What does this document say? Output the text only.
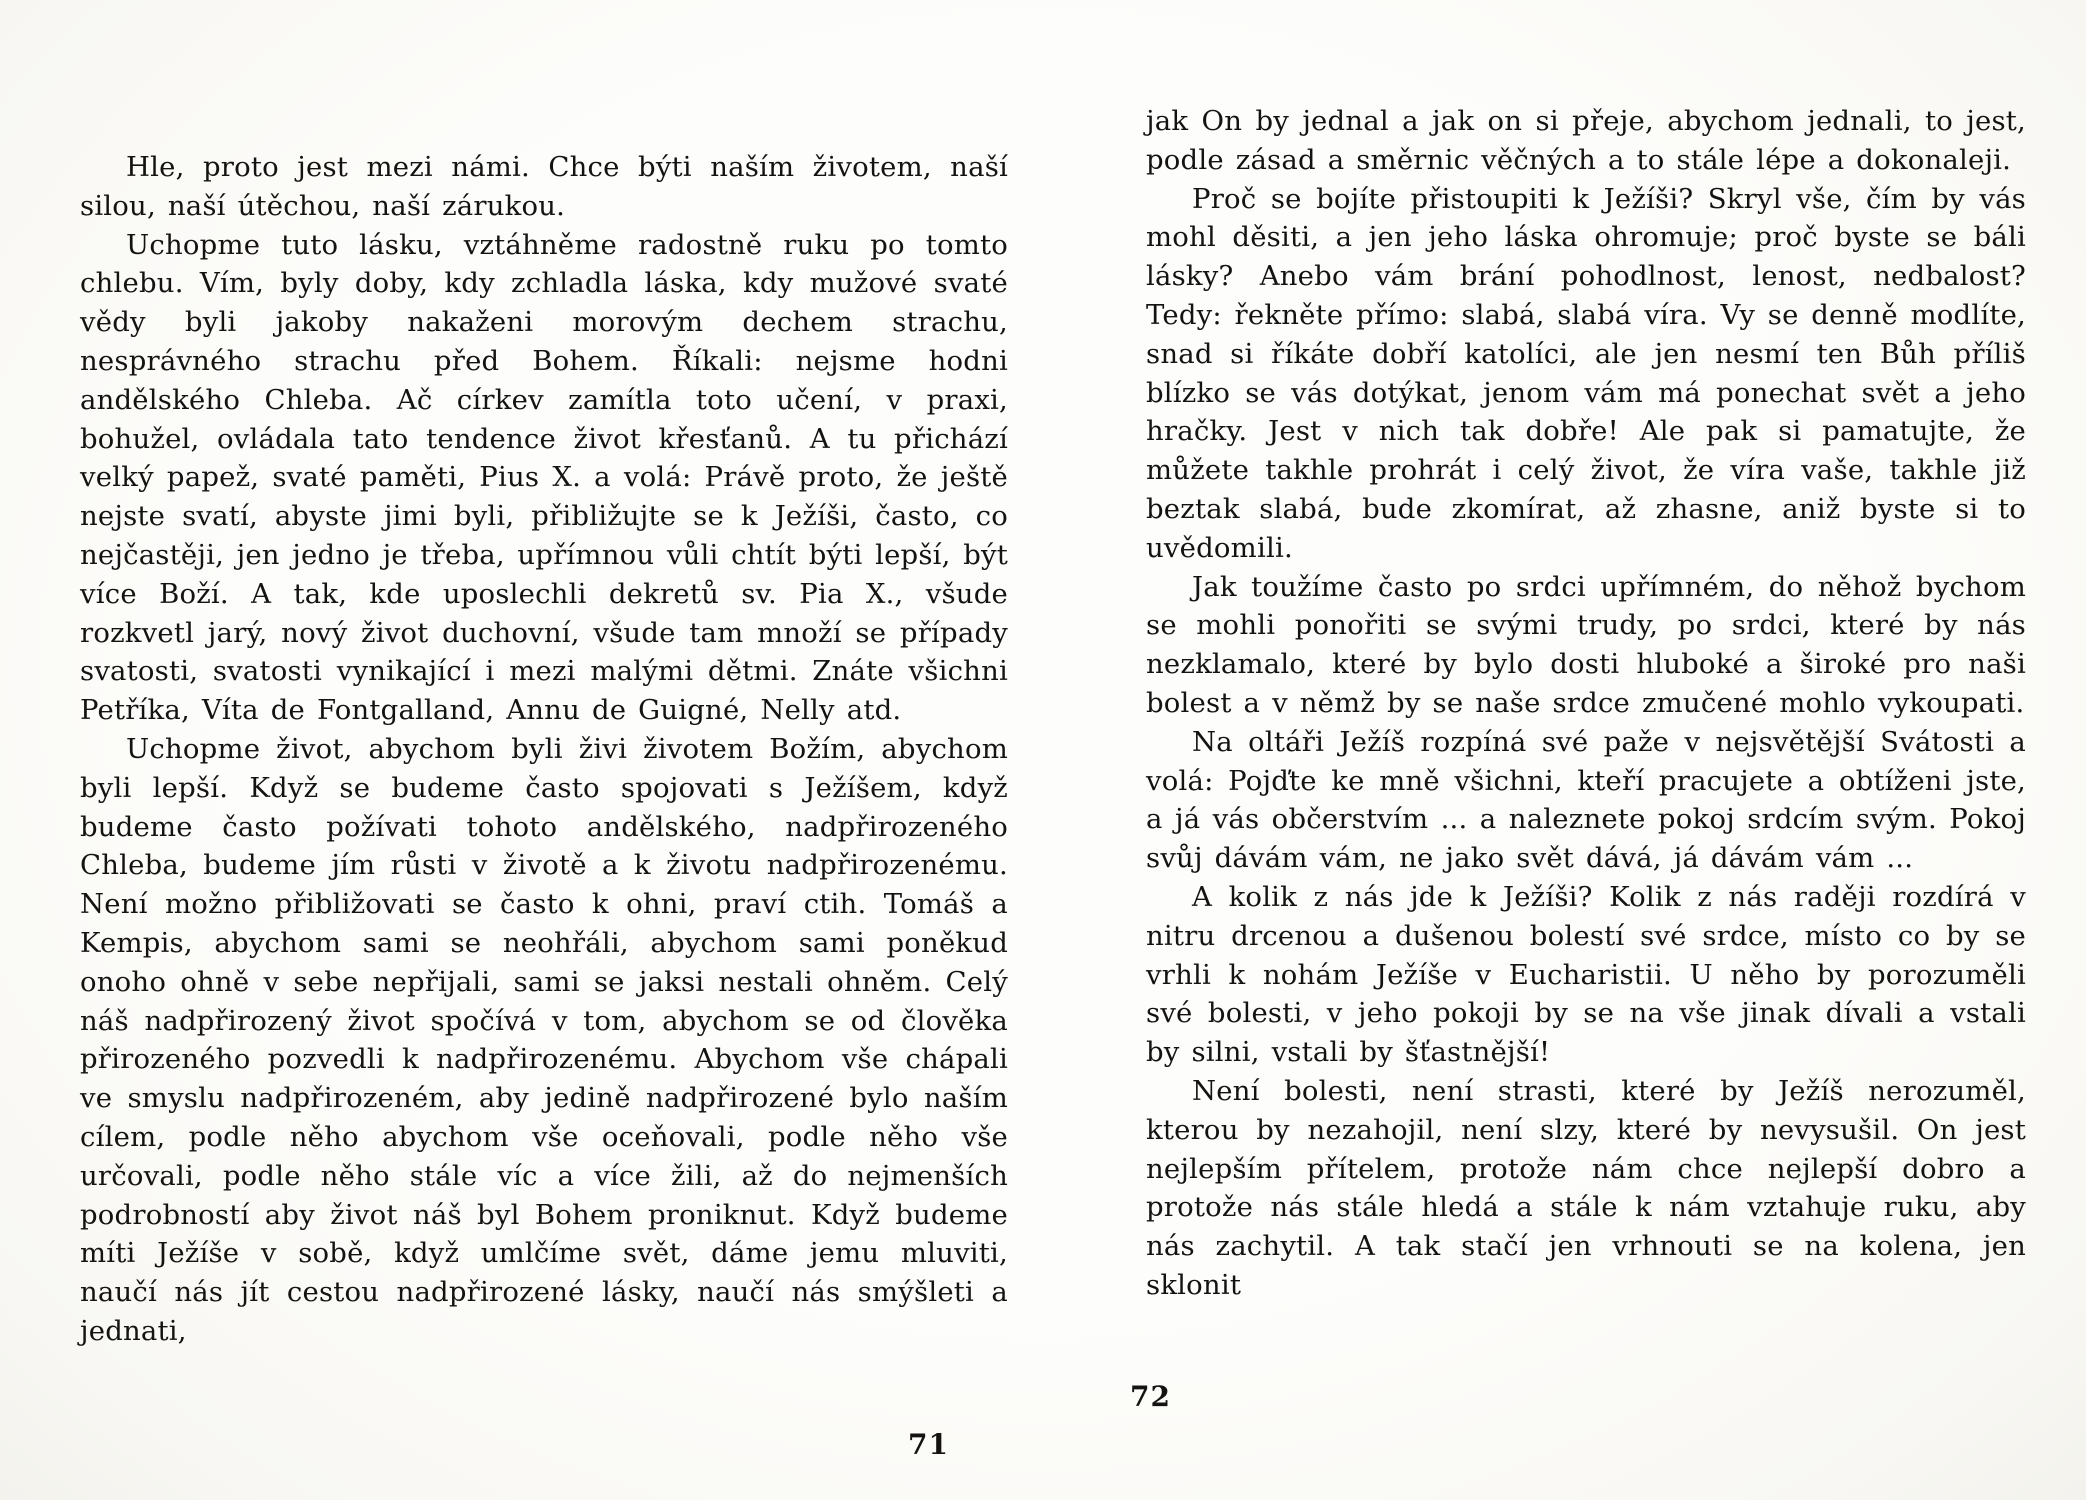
Hle, proto jest mezi námi. Chce býti naším životem, naší silou, naší útěchou, naší zárukou.

Uchopme tuto lásku, vztáhněme radostně ruku po tomto chlebu. Vím, byly doby, kdy zchladla láska, kdy mužové svaté vědy byli jakoby nakaženi morovým dechem strachu, nesprávného strachu před Bohem. Říkali: nejsme hodni andělského Chleba. Ač církev zamítla toto učení, v praxi, bohužel, ovládala tato tendence život křesťanů. A tu přichází velký papež, svaté paměti, Pius X. a volá: Právě proto, že ještě nejste svatí, abyste jimi byli, přibližujte se k Ježíši, často, co nejčastěji, jen jedno je třeba, upřímnou vůli chtít býti lepší, být více Boží. A tak, kde uposlechli dekretů sv. Pia X., všude rozkvetl jarý, nový život duchovní, všude tam množí se případy svatosti, svatosti vynikající i mezi malými dětmi. Znáte všichni Petříka, Víta de Fontgalland, Annu de Guigné, Nelly atd.

Uchopme život, abychom byli živi životem Božím, abychom byli lepší. Když se budeme často spojovati s Ježíšem, když budeme často požívati tohoto andělského, nadpřirozeného Chleba, budeme jím růsti v životě a k životu nadpřirozenému. Není možno přibližovati se často k ohni, praví ctih. Tomáš a Kempis, abychom sami se neohřáli, abychom sami poněkud onoho ohně v sebe nepřijali, sami se jaksi nestali ohněm. Celý náš nadpřirozený život spočívá v tom, abychom se od člověka přirozeného pozvedli k nadpřirozenému. Abychom vše chápali ve smyslu nadpřirozeném, aby jedině nadpřirozené bylo naším cílem, podle něho abychom vše oceňovali, podle něho vše určovali, podle něho stále víc a více žili, až do nejmenších podrobností aby život náš byl Bohem proniknut. Když budeme míti Ježíše v sobě, když umlčíme svět, dáme jemu mluviti, naučí nás jít cestou nadpřirozené lásky, naučí nás smýšleti a jednati,

jak On by jednal a jak on si přeje, abychom jednali, to jest, podle zásad a směrnic věčných a to stále lépe a dokonaleji.

Proč se bojíte přistoupiti k Ježíši? Skryl vše, čím by vás mohl děsiti, a jen jeho láska ohromuje; proč byste se báli lásky? Anebo vám brání pohodlnost, lenost, nedbalost? Tedy: řekněte přímo: slabá, slabá víra. Vy se denně modlíte, snad si říkáte dobří katolíci, ale jen nesmí ten Bůh příliš blízko se vás dotýkat, jenom vám má ponechat svět a jeho hračky. Jest v nich tak dobře! Ale pak si pamatujte, že můžete takhle prohrát i celý život, že víra vaše, takhle již beztak slabá, bude zkomírat, až zhasne, aniž byste si to uvědomili.

Jak toužíme často po srdci upřímném, do něhož bychom se mohli ponořiti se svými trudy, po srdci, které by nás nezklamalo, které by bylo dosti hluboké a široké pro naši bolest a v němž by se naše srdce zmučené mohlo vykoupati.

Na oltáři Ježíš rozpíná své paže v nejsvětější Svátosti a volá: Pojďte ke mně všichni, kteří pracujete a obtíženi jste, a já vás občerstvím ... a naleznete pokoj srdcím svým. Pokoj svůj dávám vám, ne jako svět dává, já dávám vám ...

A kolik z nás jde k Ježíši? Kolik z nás raději rozdírá v nitru drcenou a dušenou bolestí své srdce, místo co by se vrhli k nohám Ježíše v Eucharistii. U něho by porozuměli své bolesti, v jeho pokoji by se na vše jinak dívali a vstali by silni, vstali by šťastnější!

Není bolesti, není strasti, které by Ježíš nerozuměl, kterou by nezahojil, není slzy, které by nevysušil. On jest nejlepším přítelem, protože nám chce nejlepší dobro a protože nás stále hledá a stále k nám vztahuje ruku, aby nás zachytil. A tak stačí jen vrhnouti se na kolena, jen sklonit

71
72
